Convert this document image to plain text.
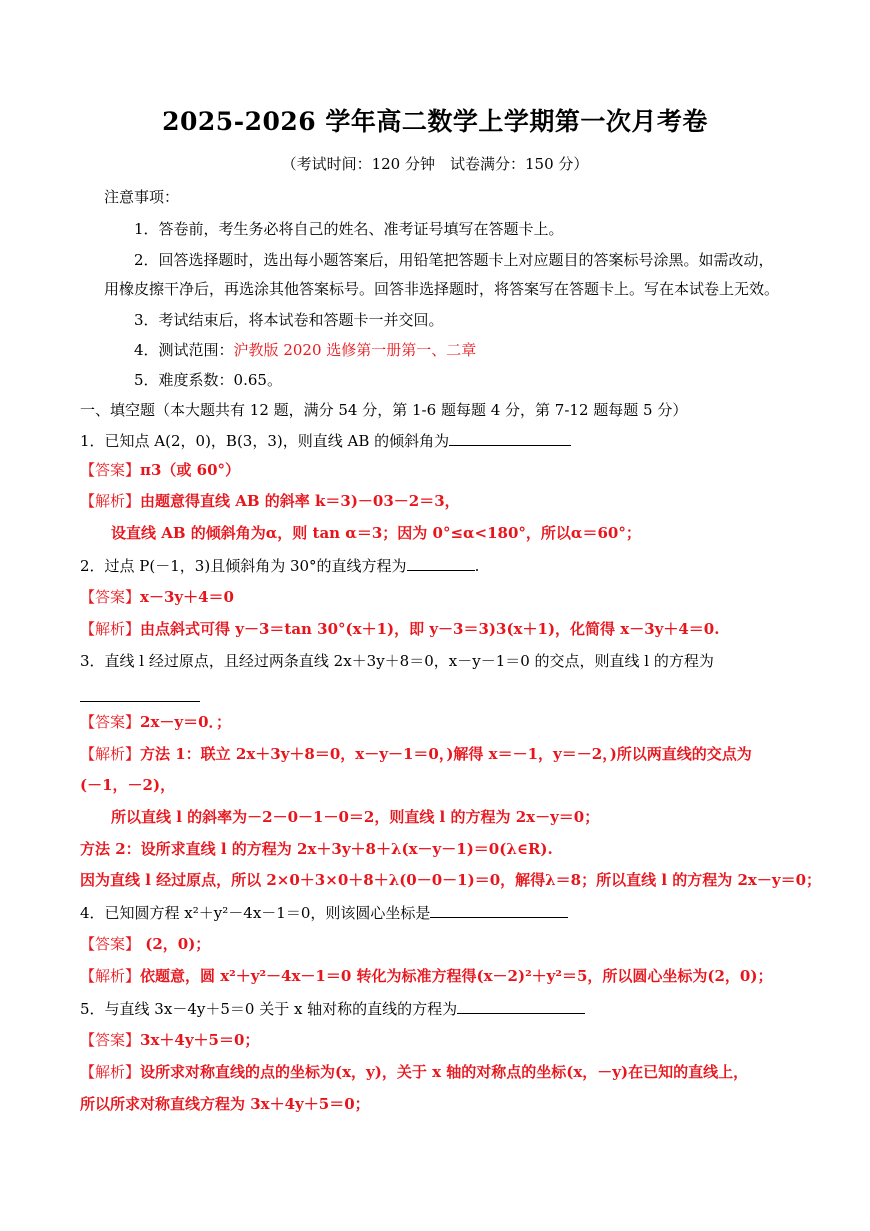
2025-2026 学年高二数学上学期第一次月考卷
（考试时间：120 分钟　试卷满分：150 分）
注意事项：
1．答卷前，考生务必将自己的姓名、准考证号填写在答题卡上。
2．回答选择题时，选出每小题答案后，用铅笔把答题卡上对应题目的答案标号涂黑。如需改动，
用橡皮擦干净后，再选涂其他答案标号。回答非选择题时，将答案写在答题卡上。写在本试卷上无效。
3．考试结束后，将本试卷和答题卡一并交回。
4．测试范围：沪教版 2020 选修第一册第一、二章
5．难度系数：0.65。
一、填空题（本大题共有 12 题，满分 54 分，第 1-6 题每题 4 分，第 7-12 题每题 5 分）
1．已知点 A(2，0)，B(3，3)，则直线 AB 的倾斜角为
【答案】π3（或 60°）
【解析】由题意得直线 AB 的斜率 k＝3)－03－2＝3，
设直线 AB 的倾斜角为α，则 tan α＝3；因为 0°≤α<180°，所以α＝60°；
2．过点 P(－1，3)且倾斜角为 30°的直线方程为	.
【答案】x－3y＋4＝0
【解析】由点斜式可得 y－3＝tan 30°(x＋1)，即 y－3＝3)3(x＋1)，化简得 x－3y＋4＝0.
3．直线 l 经过原点，且经过两条直线 2x＋3y＋8＝0，x－y－1＝0 的交点，则直线 l 的方程为
【答案】2x－y＝0．；
【解析】方法 1：联立 2x＋3y＋8＝0，x－y－1＝0，)解得 x＝－1，y＝－2，)所以两直线的交点为
(－1，－2)，
所以直线 l 的斜率为－2－0－1－0＝2，则直线 l 的方程为 2x－y＝0；
方法 2：设所求直线 l 的方程为 2x＋3y＋8＋λ(x－y－1)＝0(λ∈R).
因为直线 l 经过原点，所以 2×0＋3×0＋8＋λ(0－0－1)＝0，解得λ＝8；所以直线 l 的方程为 2x－y＝0；
4．已知圆方程 x²＋y²－4x－1＝0，则该圆心坐标是
【答案】 (2，0)；
【解析】依题意，圆 x²＋y²－4x－1＝0 转化为标准方程得(x－2)²＋y²＝5，所以圆心坐标为(2，0)；
5．与直线 3x－4y＋5＝0 关于 x 轴对称的直线的方程为
【答案】3x＋4y＋5＝0；
【解析】设所求对称直线的点的坐标为(x，y)，关于 x 轴的对称点的坐标(x，－y)在已知的直线上，
所以所求对称直线方程为 3x＋4y＋5＝0；
